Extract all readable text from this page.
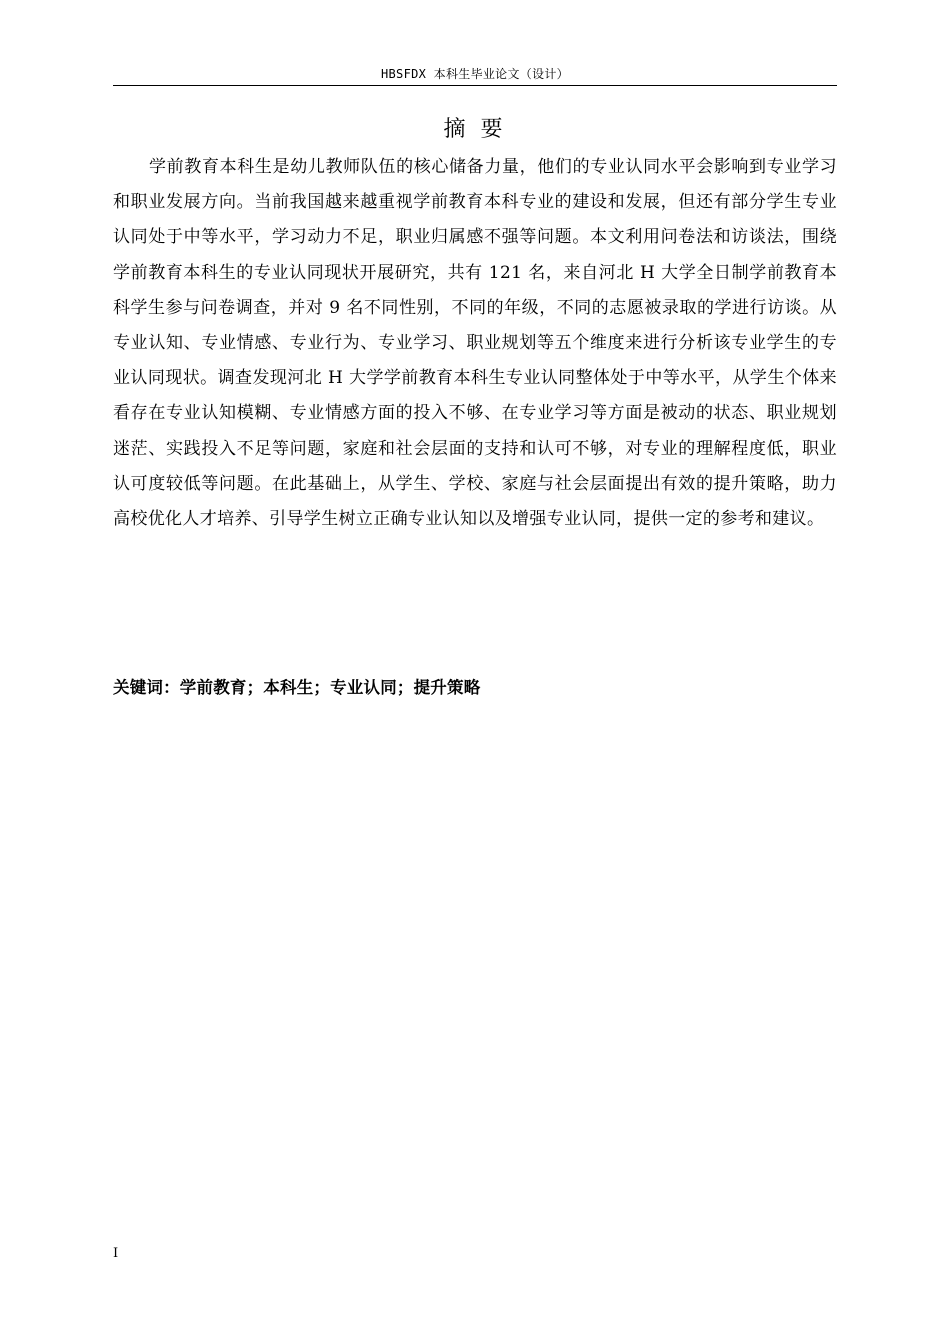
HBSFDX 本科生毕业论文（设计）
摘 要

学前教育本科生是幼儿教师队伍的核心储备力量，他们的专业认同水平会影响到专业学习和职业发展方向。当前我国越来越重视学前教育本科专业的建设和发展，但还有部分学生专业认同处于中等水平，学习动力不足，职业归属感不强等问题。本文利用问卷法和访谈法，围绕学前教育本科生的专业认同现状开展研究，共有 121 名，来自河北 H 大学全日制学前教育本科学生参与问卷调查，并对 9 名不同性别，不同的年级，不同的志愿被录取的学进行访谈。从专业认知、专业情感、专业行为、专业学习、职业规划等五个维度来进行分析该专业学生的专业认同现状。调查发现河北 H 大学学前教育本科生专业认同整体处于中等水平，从学生个体来看存在专业认知模糊、专业情感方面的投入不够、在专业学习等方面是被动的状态、职业规划迷茫、实践投入不足等问题，家庭和社会层面的支持和认可不够，对专业的理解程度低，职业认可度较低等问题。在此基础上，从学生、学校、家庭与社会层面提出有效的提升策略，助力高校优化人才培养、引导学生树立正确专业认知以及增强专业认同，提供一定的参考和建议。

关键词：学前教育；本科生；专业认同；提升策略
I
